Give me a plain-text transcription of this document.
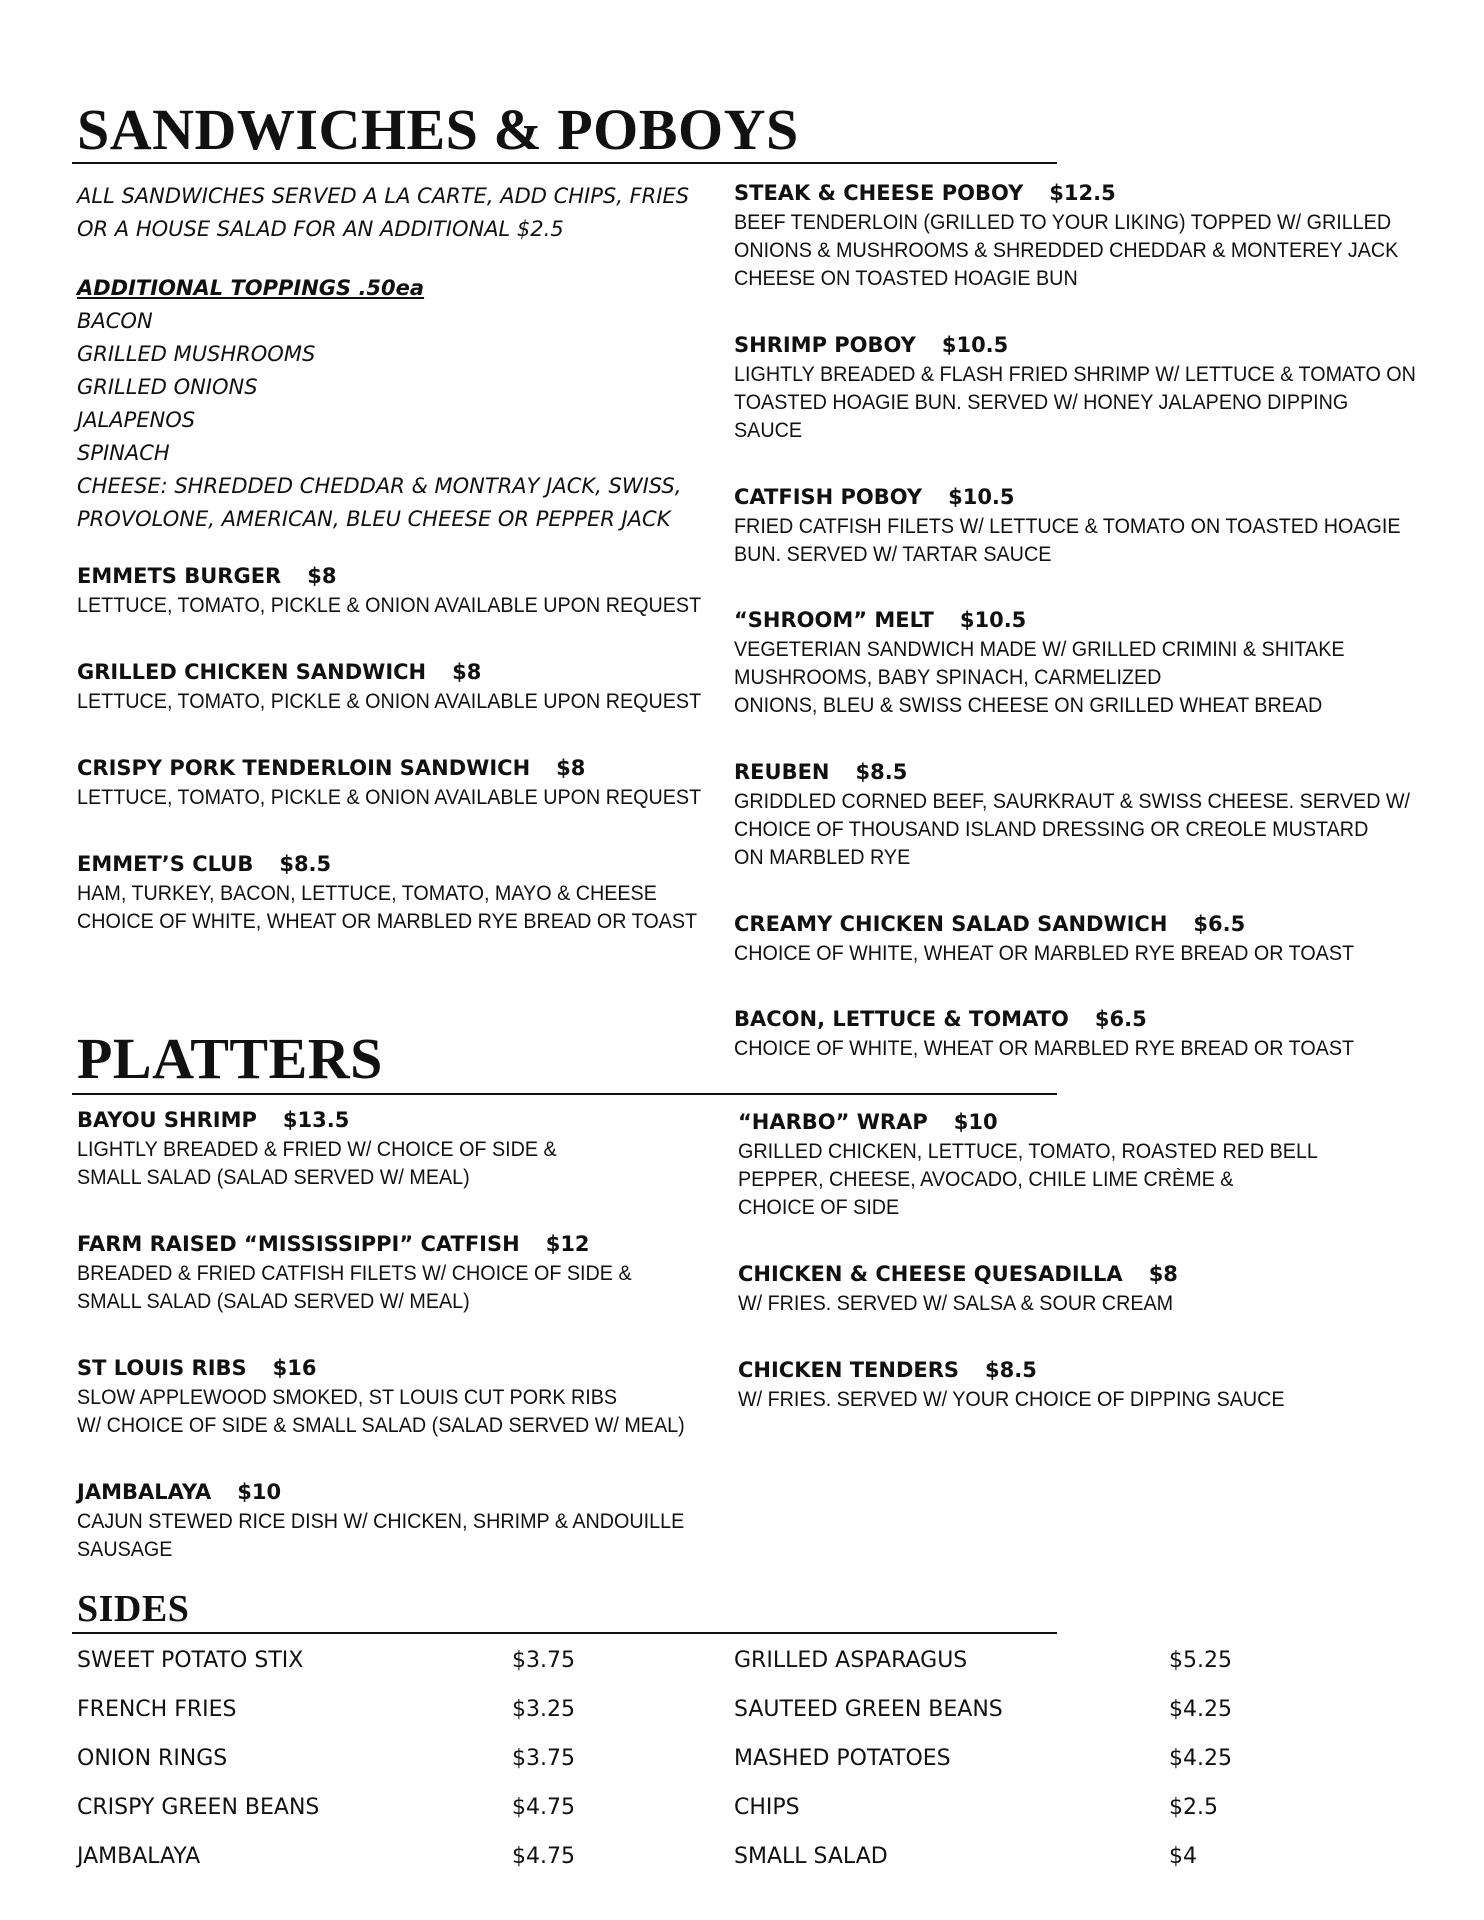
SANDWICHES & POBOYS
ALL SANDWICHES SERVED A LA CARTE, ADD CHIPS, FRIES
OR A HOUSE SALAD FOR AN ADDITIONAL $2.5
ADDITIONAL TOPPINGS .50ea
BACON
GRILLED MUSHROOMS
GRILLED ONIONS
JALAPENOS
SPINACH
CHEESE: SHREDDED CHEDDAR & MONTRAY JACK, SWISS,
PROVOLONE, AMERICAN, BLEU CHEESE OR PEPPER JACK
EMMETS BURGER $8
LETTUCE, TOMATO, PICKLE & ONION AVAILABLE UPON REQUEST
GRILLED CHICKEN SANDWICH $8
LETTUCE, TOMATO, PICKLE & ONION AVAILABLE UPON REQUEST
CRISPY PORK TENDERLOIN SANDWICH $8
LETTUCE, TOMATO, PICKLE & ONION AVAILABLE UPON REQUEST
EMMET’S CLUB $8.5
HAM, TURKEY, BACON, LETTUCE, TOMATO, MAYO & CHEESE
CHOICE OF WHITE, WHEAT OR MARBLED RYE BREAD OR TOAST
STEAK & CHEESE POBOY $12.5
BEEF TENDERLOIN (GRILLED TO YOUR LIKING) TOPPED W/ GRILLED
ONIONS & MUSHROOMS & SHREDDED CHEDDAR & MONTEREY JACK
CHEESE ON TOASTED HOAGIE BUN
SHRIMP POBOY $10.5
LIGHTLY BREADED & FLASH FRIED SHRIMP W/ LETTUCE & TOMATO ON
TOASTED HOAGIE BUN. SERVED W/ HONEY JALAPENO DIPPING
SAUCE
CATFISH POBOY $10.5
FRIED CATFISH FILETS W/ LETTUCE & TOMATO ON TOASTED HOAGIE
BUN. SERVED W/ TARTAR SAUCE
“SHROOM” MELT $10.5
VEGETERIAN SANDWICH MADE W/ GRILLED CRIMINI & SHITAKE
MUSHROOMS, BABY SPINACH, CARMELIZED
ONIONS, BLEU & SWISS CHEESE ON GRILLED WHEAT BREAD
REUBEN $8.5
GRIDDLED CORNED BEEF, SAURKRAUT & SWISS CHEESE. SERVED W/
CHOICE OF THOUSAND ISLAND DRESSING OR CREOLE MUSTARD
ON MARBLED RYE
CREAMY CHICKEN SALAD SANDWICH $6.5
CHOICE OF WHITE, WHEAT OR MARBLED RYE BREAD OR TOAST
BACON, LETTUCE & TOMATO $6.5
CHOICE OF WHITE, WHEAT OR MARBLED RYE BREAD OR TOAST
PLATTERS
BAYOU SHRIMP $13.5
LIGHTLY BREADED & FRIED W/ CHOICE OF SIDE &
SMALL SALAD (SALAD SERVED W/ MEAL)
FARM RAISED “MISSISSIPPI” CATFISH $12
BREADED & FRIED CATFISH FILETS W/ CHOICE OF SIDE &
SMALL SALAD (SALAD SERVED W/ MEAL)
ST LOUIS RIBS $16
SLOW APPLEWOOD SMOKED, ST LOUIS CUT PORK RIBS
W/ CHOICE OF SIDE & SMALL SALAD (SALAD SERVED W/ MEAL)
JAMBALAYA $10
CAJUN STEWED RICE DISH W/ CHICKEN, SHRIMP & ANDOUILLE
SAUSAGE
“HARBO” WRAP $10
GRILLED CHICKEN, LETTUCE, TOMATO, ROASTED RED BELL
PEPPER, CHEESE, AVOCADO, CHILE LIME CRÈME &
CHOICE OF SIDE
CHICKEN & CHEESE QUESADILLA $8
W/ FRIES. SERVED W/ SALSA & SOUR CREAM
CHICKEN TENDERS $8.5
W/ FRIES. SERVED W/ YOUR CHOICE OF DIPPING SAUCE
SIDES
SWEET POTATO STIX	$3.75
FRENCH FRIES	$3.25
ONION RINGS	$3.75
CRISPY GREEN BEANS	$4.75
JAMBALAYA	$4.75
GRILLED ASPARAGUS	$5.25
SAUTEED GREEN BEANS	$4.25
MASHED POTATOES	$4.25
CHIPS	$2.5
SMALL SALAD	$4
